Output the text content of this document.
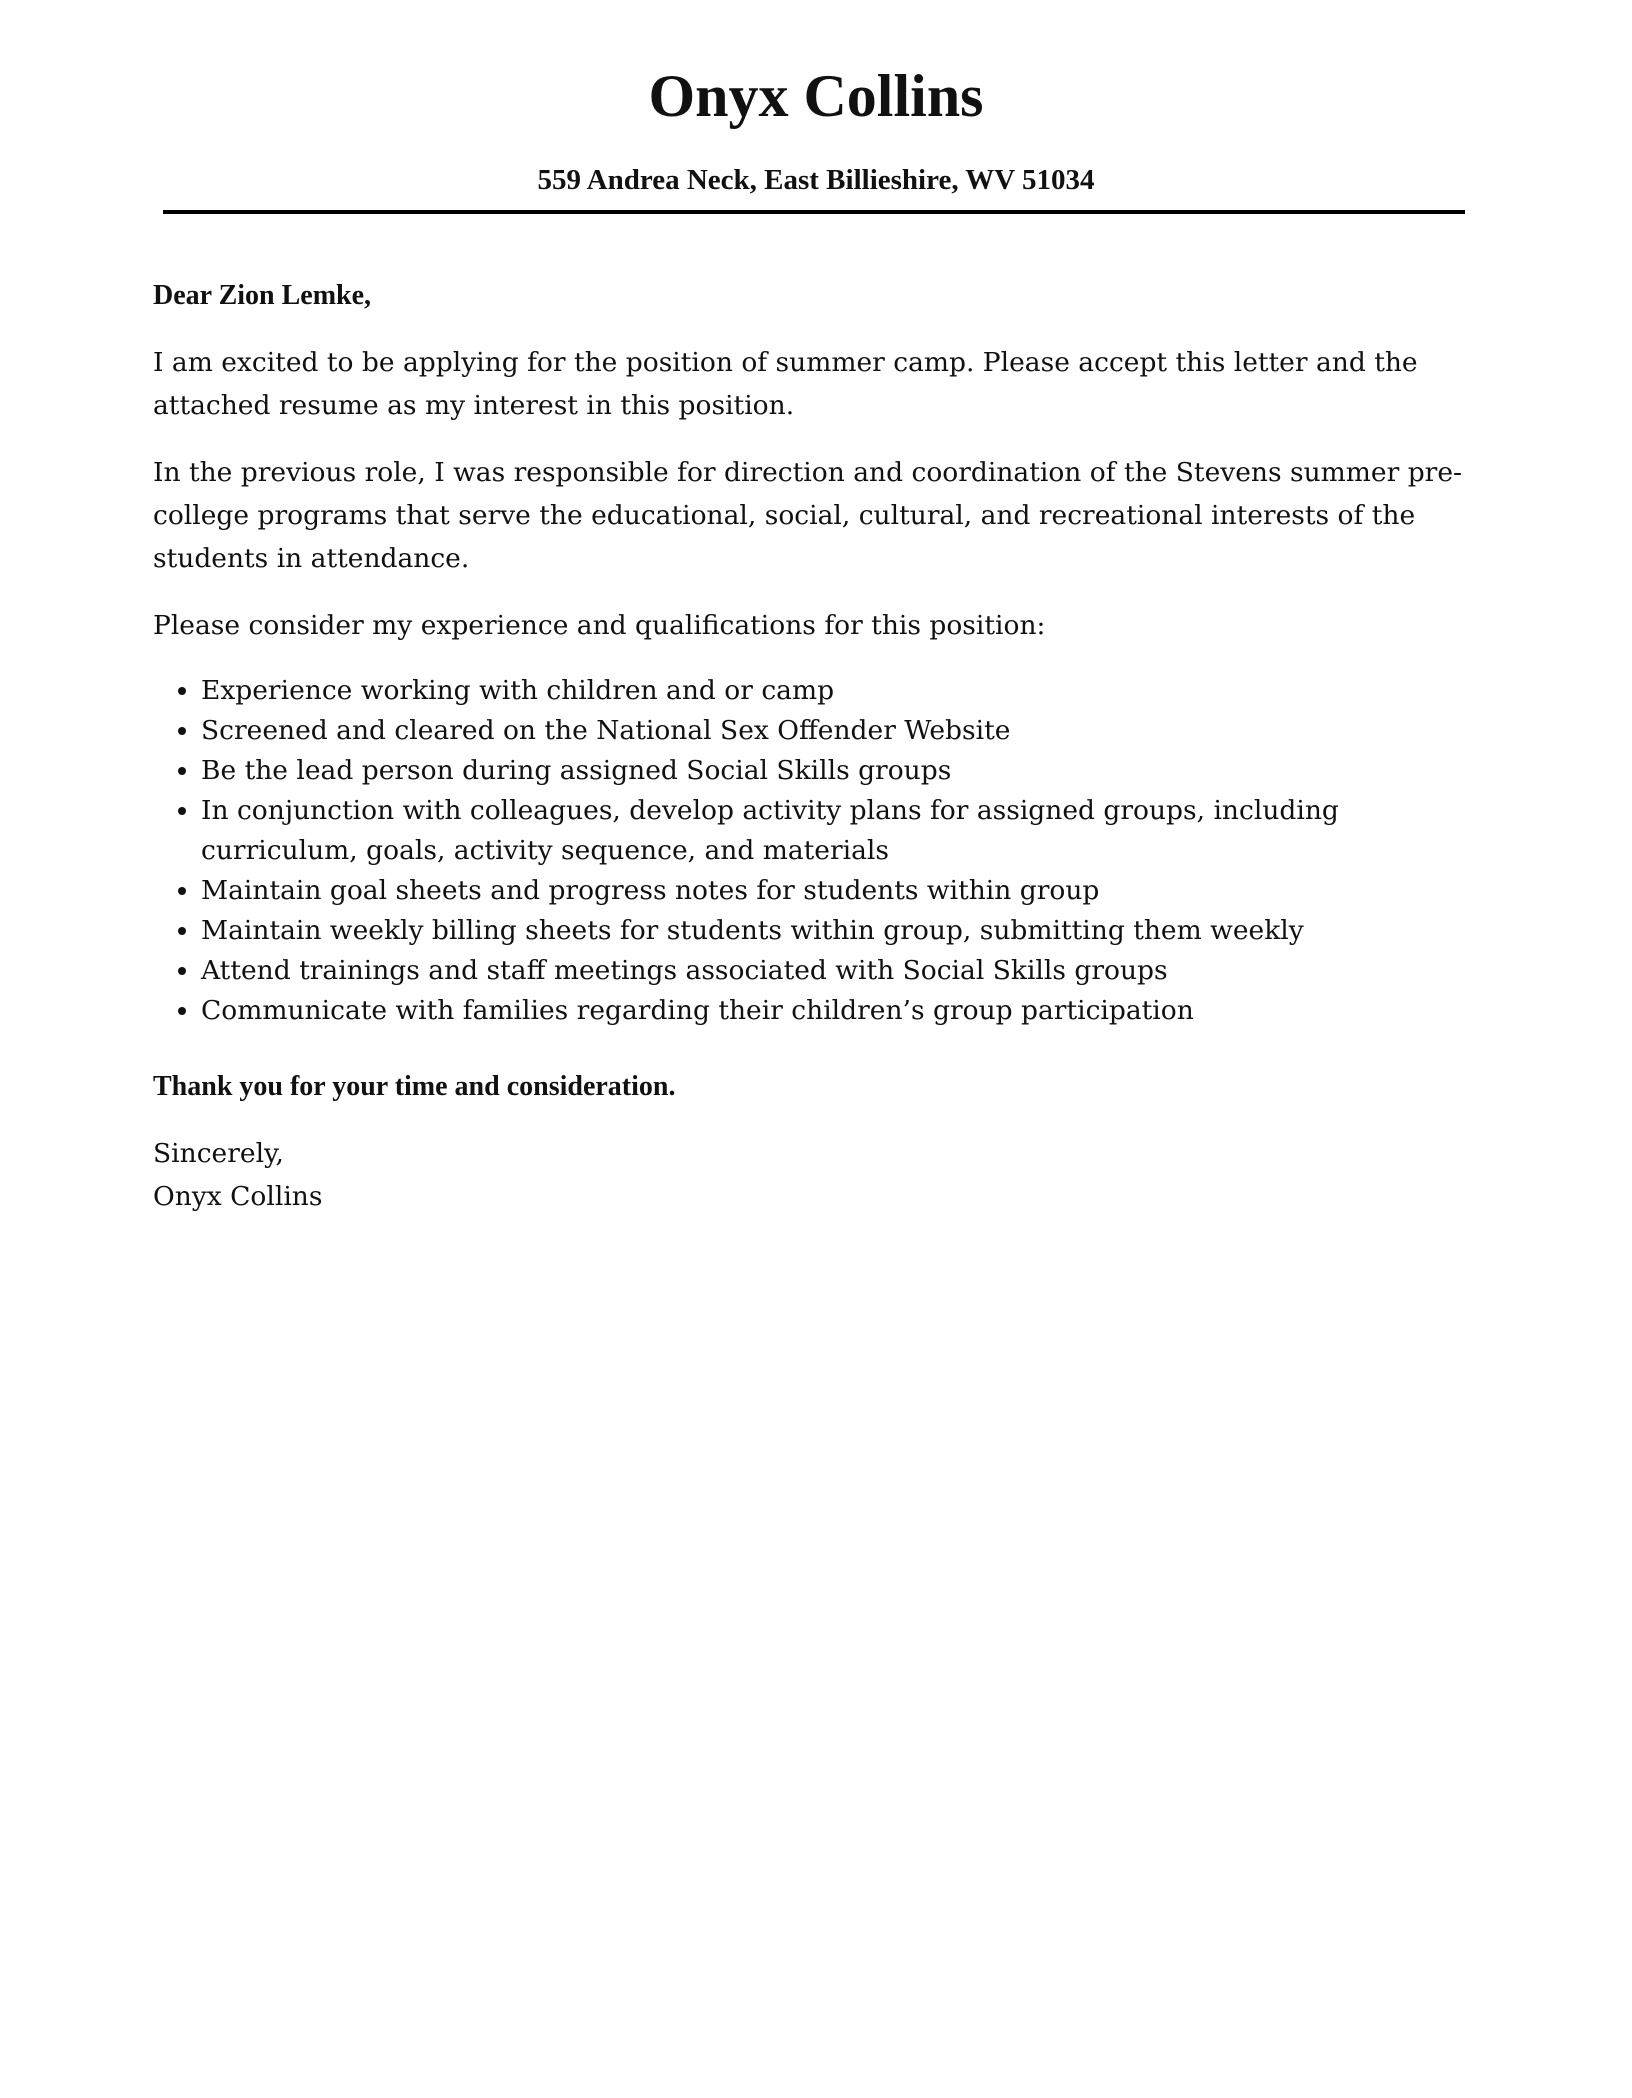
Onyx Collins
559 Andrea Neck, East Billieshire, WV 51034

Dear Zion Lemke,

I am excited to be applying for the position of summer camp. Please accept this letter and the attached resume as my interest in this position.

In the previous role, I was responsible for direction and coordination of the Stevens summer pre-college programs that serve the educational, social, cultural, and recreational interests of the students in attendance.

Please consider my experience and qualifications for this position:

• Experience working with children and or camp
• Screened and cleared on the National Sex Offender Website
• Be the lead person during assigned Social Skills groups
• In conjunction with colleagues, develop activity plans for assigned groups, including curriculum, goals, activity sequence, and materials
• Maintain goal sheets and progress notes for students within group
• Maintain weekly billing sheets for students within group, submitting them weekly
• Attend trainings and staff meetings associated with Social Skills groups
• Communicate with families regarding their children’s group participation

Thank you for your time and consideration.

Sincerely,
Onyx Collins
